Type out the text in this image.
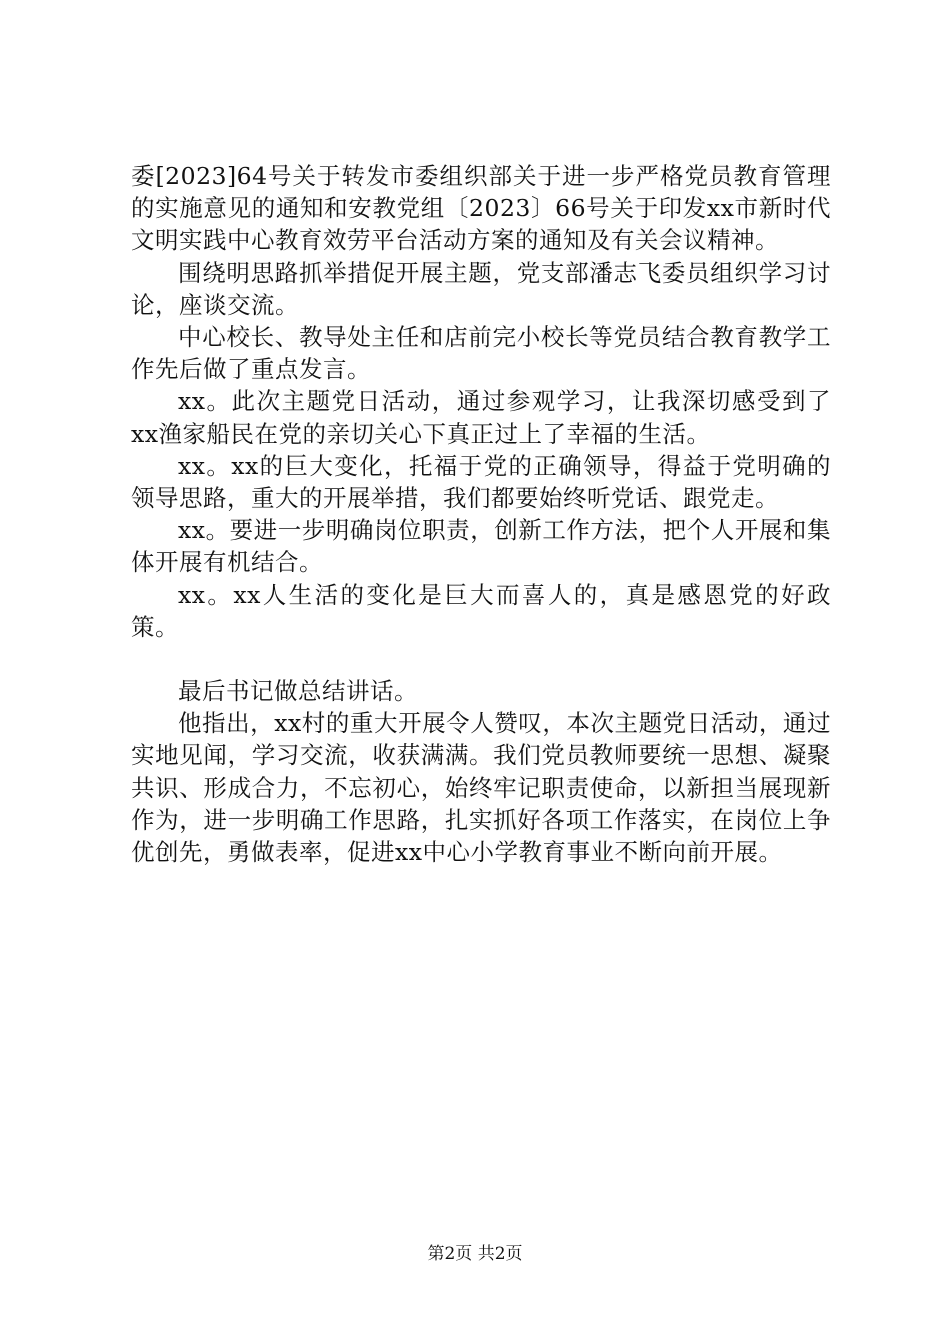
委[2023]64号关于转发市委组织部关于进一步严格党员教育管理的实施意见的通知和安教党组〔2023〕66号关于印发xx市新时代文明实践中心教育效劳平台活动方案的通知及有关会议精神。

围绕明思路抓举措促开展主题，党支部潘志飞委员组织学习讨论，座谈交流。

中心校长、教导处主任和店前完小校长等党员结合教育教学工作先后做了重点发言。

xx。此次主题党日活动，通过参观学习，让我深切感受到了xx渔家船民在党的亲切关心下真正过上了幸福的生活。

xx。xx的巨大变化，托福于党的正确领导，得益于党明确的领导思路，重大的开展举措，我们都要始终听党话、跟党走。

xx。要进一步明确岗位职责，创新工作方法，把个人开展和集体开展有机结合。

xx。xx人生活的变化是巨大而喜人的，真是感恩党的好政策。

最后书记做总结讲话。

他指出，xx村的重大开展令人赞叹，本次主题党日活动，通过实地见闻，学习交流，收获满满。我们党员教师要统一思想、凝聚共识、形成合力，不忘初心，始终牢记职责使命，以新担当展现新作为，进一步明确工作思路，扎实抓好各项工作落实，在岗位上争优创先，勇做表率，促进xx中心小学教育事业不断向前开展。

第2页 共2页
